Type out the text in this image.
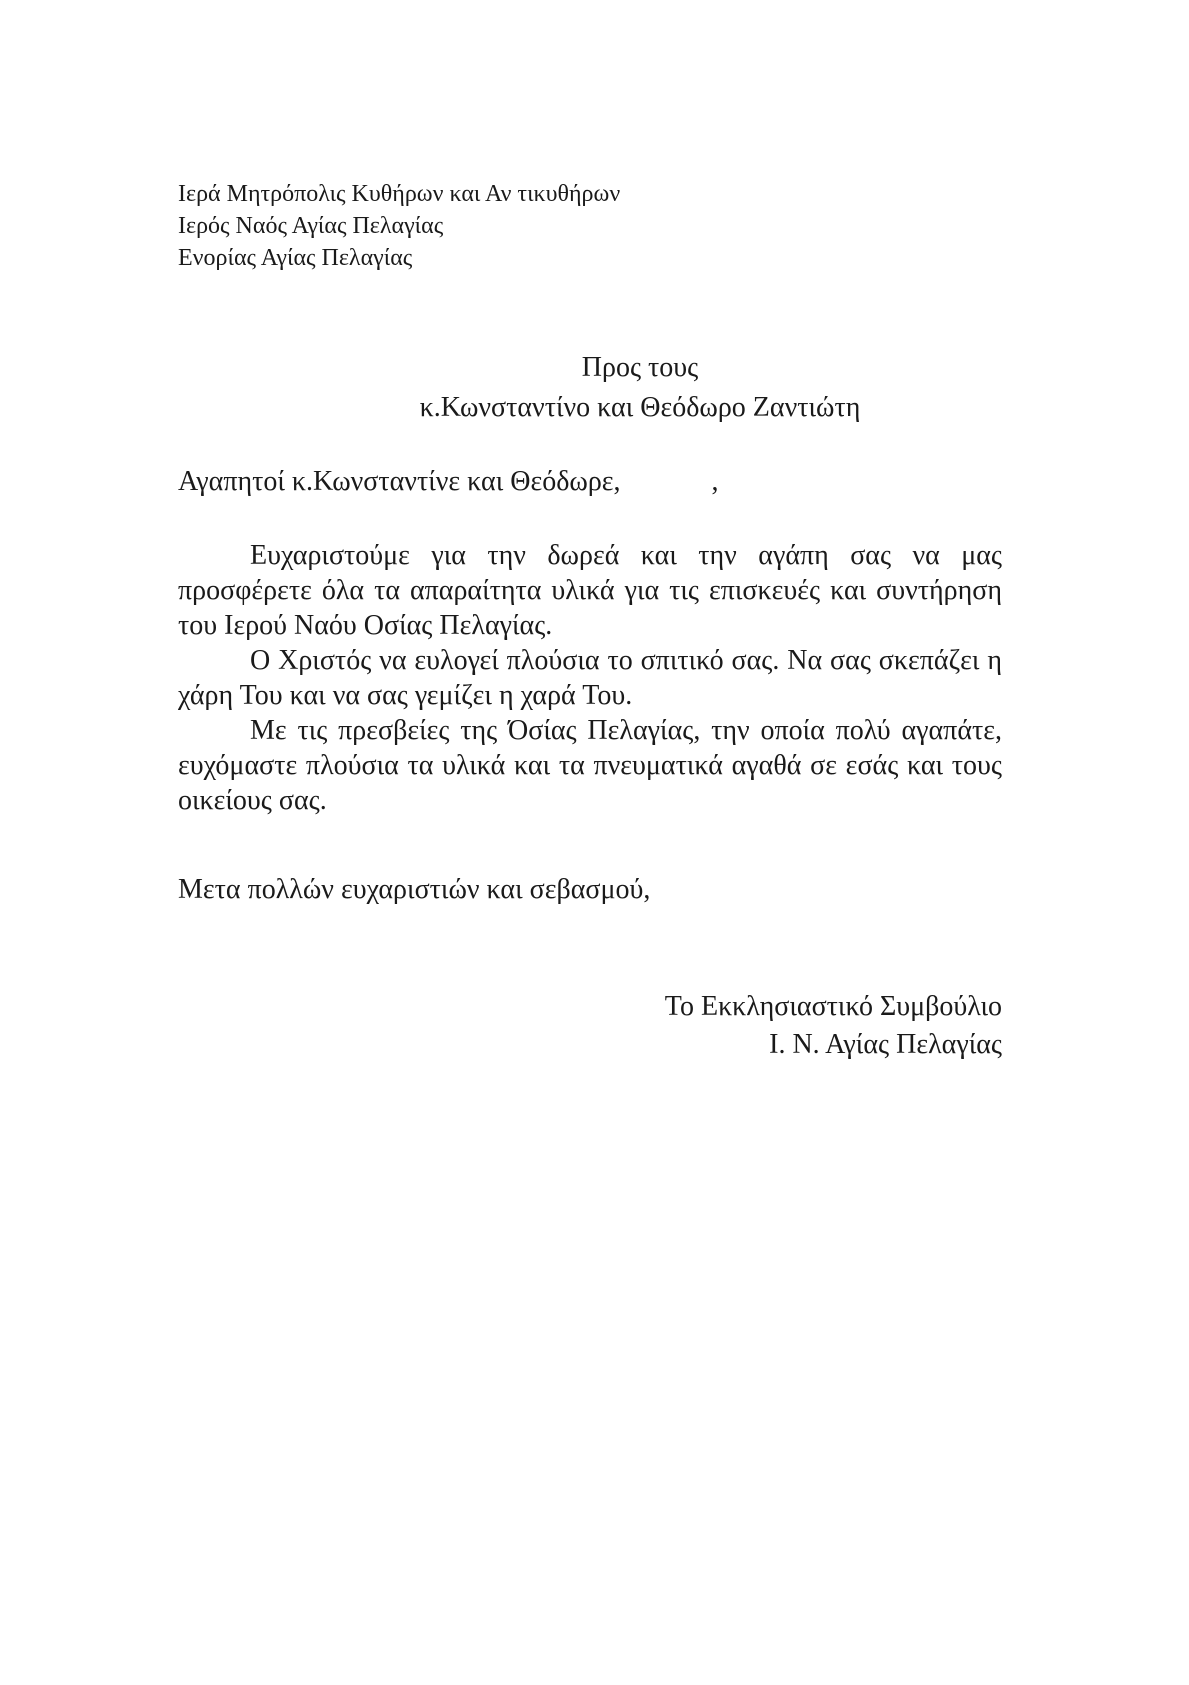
Ιερά Μητρόπολις Κυθήρων και Αν τικυθήρων
Ιερός Ναός Αγίας Πελαγίας
Ενορίας Αγίας Πελαγίας
Προς τους
κ.Κωνσταντίνο και Θεόδωρο Ζαντιώτη
Αγαπητοί κ.Κωνσταντίνε και Θεόδωρε,             ,

Ευχαριστούμε για την δωρεά και την αγάπη σας να μας προσφέρετε όλα τα απαραίτητα υλικά για τις επισκευές και συντήρηση του Ιερού Ναόυ Οσίας Πελαγίας.

Ο Χριστός να ευλογεί πλούσια το σπιτικό σας. Να σας σκεπάζει η χάρη Του και να σας γεμίζει η χαρά Του.

Με τις πρεσβείες της Όσίας Πελαγίας, την οποία πολύ αγαπάτε, ευχόμαστε πλούσια τα υλικά και τα πνευματικά αγαθά σε εσάς και τους οικείους σας.

Μετα πολλών ευχαριστιών και σεβασμού,
Το Εκκλησιαστικό Συμβούλιο
Ι. Ν. Αγίας Πελαγίας
